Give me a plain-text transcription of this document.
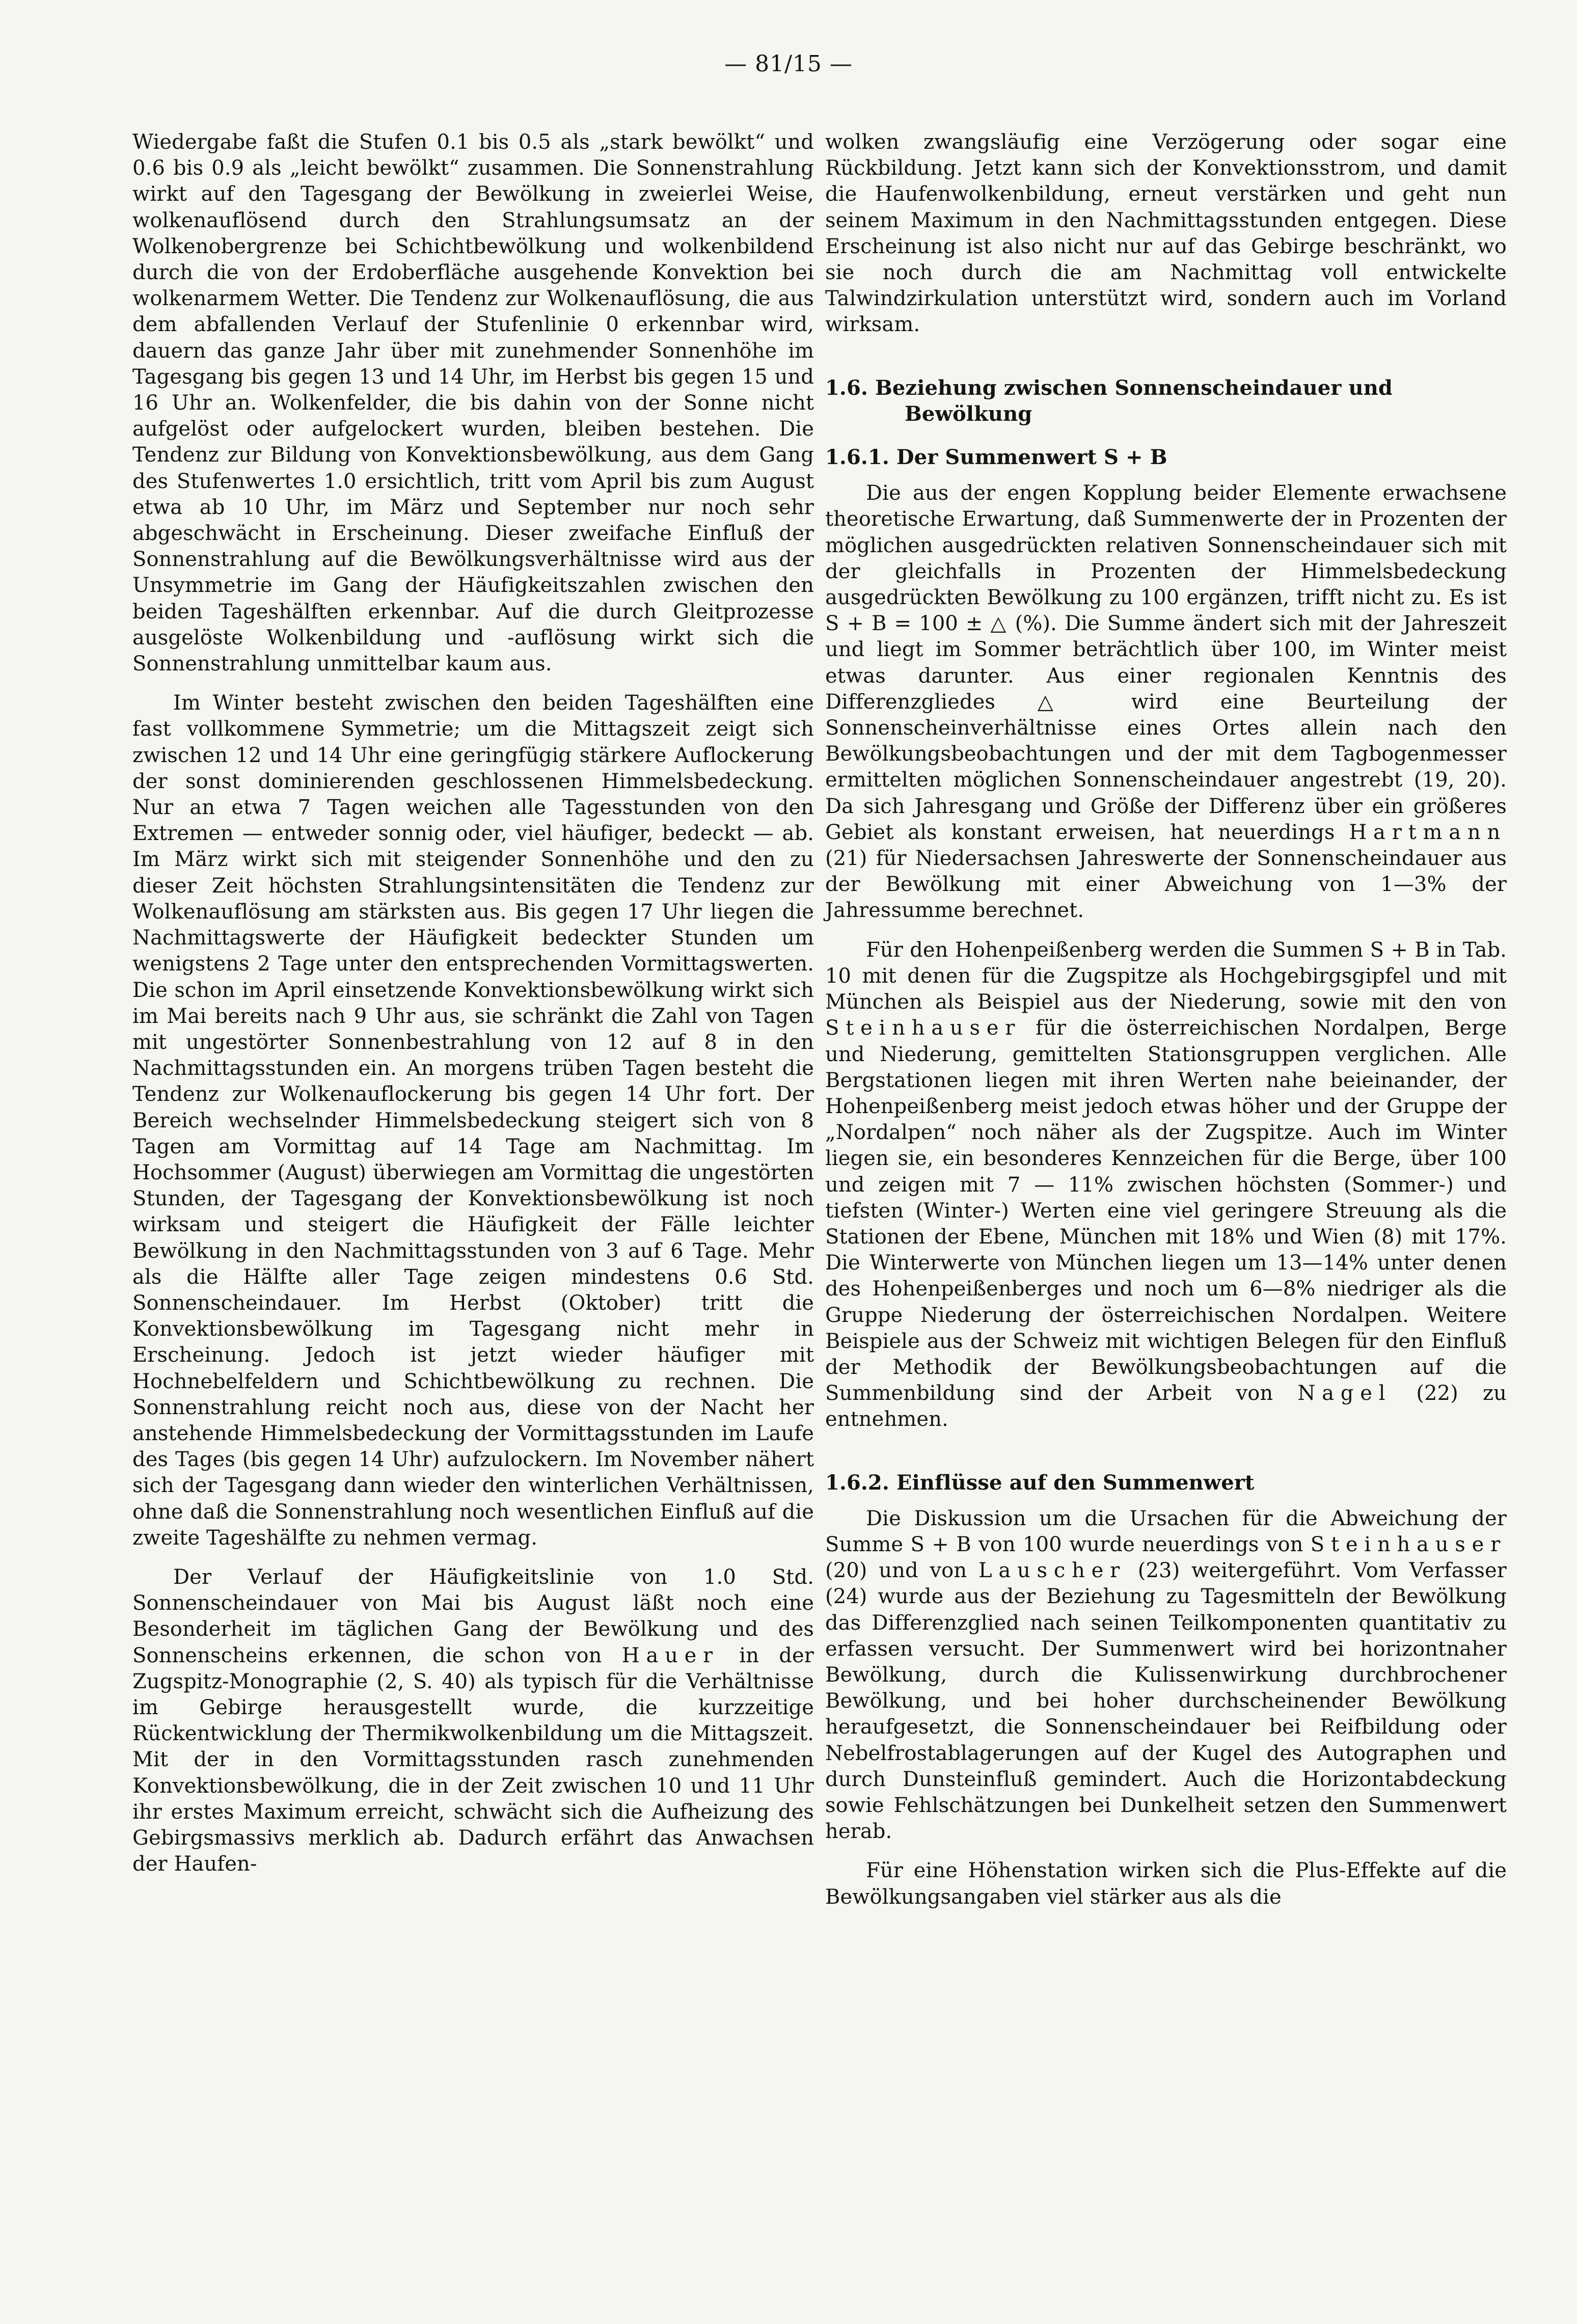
— 81/15 —

Wiedergabe faßt die Stufen 0.1 bis 0.5 als „stark bewölkt“ und 0.6 bis 0.9 als „leicht bewölkt“ zusammen. Die Sonnenstrahlung wirkt auf den Tagesgang der Bewölkung in zweierlei Weise, wolkenauflösend durch den Strahlungsumsatz an der Wolkenobergrenze bei Schichtbewölkung und wolkenbildend durch die von der Erdoberfläche ausgehende Konvektion bei wolkenarmem Wetter. Die Tendenz zur Wolkenauflösung, die aus dem abfallenden Verlauf der Stufenlinie 0 erkennbar wird, dauern das ganze Jahr über mit zunehmender Sonnenhöhe im Tagesgang bis gegen 13 und 14 Uhr, im Herbst bis gegen 15 und 16 Uhr an. Wolkenfelder, die bis dahin von der Sonne nicht aufgelöst oder aufgelockert wurden, bleiben bestehen. Die Tendenz zur Bildung von Konvektionsbewölkung, aus dem Gang des Stufenwertes 1.0 ersichtlich, tritt vom April bis zum August etwa ab 10 Uhr, im März und September nur noch sehr abgeschwächt in Erscheinung. Dieser zweifache Einfluß der Sonnenstrahlung auf die Bewölkungsverhältnisse wird aus der Unsymmetrie im Gang der Häufigkeitszahlen zwischen den beiden Tageshälften erkennbar. Auf die durch Gleitprozesse ausgelöste Wolkenbildung und -auflösung wirkt sich die Sonnenstrahlung unmittelbar kaum aus.

Im Winter besteht zwischen den beiden Tageshälften eine fast vollkommene Symmetrie; um die Mittagszeit zeigt sich zwischen 12 und 14 Uhr eine geringfügig stärkere Auflockerung der sonst dominierenden geschlossenen Himmelsbedeckung. Nur an etwa 7 Tagen weichen alle Tagesstunden von den Extremen — entweder sonnig oder, viel häufiger, bedeckt — ab. Im März wirkt sich mit steigender Sonnenhöhe und den zu dieser Zeit höchsten Strahlungsintensitäten die Tendenz zur Wolkenauflösung am stärksten aus. Bis gegen 17 Uhr liegen die Nachmittagswerte der Häufigkeit bedeckter Stunden um wenigstens 2 Tage unter den entsprechenden Vormittagswerten. Die schon im April einsetzende Konvektionsbewölkung wirkt sich im Mai bereits nach 9 Uhr aus, sie schränkt die Zahl von Tagen mit ungestörter Sonnenbestrahlung von 12 auf 8 in den Nachmittagsstunden ein. An morgens trüben Tagen besteht die Tendenz zur Wolkenauflockerung bis gegen 14 Uhr fort. Der Bereich wechselnder Himmelsbedeckung steigert sich von 8 Tagen am Vormittag auf 14 Tage am Nachmittag. Im Hochsommer (August) überwiegen am Vormittag die ungestörten Stunden, der Tagesgang der Konvektionsbewölkung ist noch wirksam und steigert die Häufigkeit der Fälle leichter Bewölkung in den Nachmittagsstunden von 3 auf 6 Tage. Mehr als die Hälfte aller Tage zeigen mindestens 0.6 Std. Sonnenscheindauer. Im Herbst (Oktober) tritt die Konvektionsbewölkung im Tagesgang nicht mehr in Erscheinung. Jedoch ist jetzt wieder häufiger mit Hochnebelfeldern und Schichtbewölkung zu rechnen. Die Sonnenstrahlung reicht noch aus, diese von der Nacht her anstehende Himmelsbedeckung der Vormittagsstunden im Laufe des Tages (bis gegen 14 Uhr) aufzulockern. Im November nähert sich der Tagesgang dann wieder den winterlichen Verhältnissen, ohne daß die Sonnenstrahlung noch wesentlichen Einfluß auf die zweite Tageshälfte zu nehmen vermag.

Der Verlauf der Häufigkeitslinie von 1.0 Std. Sonnenscheindauer von Mai bis August läßt noch eine Besonderheit im täglichen Gang der Bewölkung und des Sonnenscheins erkennen, die schon von Hauer in der Zugspitz-Monographie (2, S. 40) als typisch für die Verhältnisse im Gebirge herausgestellt wurde, die kurzzeitige Rückentwicklung der Thermikwolkenbildung um die Mittagszeit. Mit der in den Vormittagsstunden rasch zunehmenden Konvektionsbewölkung, die in der Zeit zwischen 10 und 11 Uhr ihr erstes Maximum erreicht, schwächt sich die Aufheizung des Gebirgsmassivs merklich ab. Dadurch erfährt das Anwachsen der Haufen-

wolken zwangsläufig eine Verzögerung oder sogar eine Rückbildung. Jetzt kann sich der Konvektionsstrom, und damit die Haufenwolkenbildung, erneut verstärken und geht nun seinem Maximum in den Nachmittagsstunden entgegen. Diese Erscheinung ist also nicht nur auf das Gebirge beschränkt, wo sie noch durch die am Nachmittag voll entwickelte Talwindzirkulation unterstützt wird, sondern auch im Vorland wirksam.

1.6. Beziehung zwischen Sonnenscheindauer und Bewölkung
1.6.1. Der Summenwert S + B

Die aus der engen Kopplung beider Elemente erwachsene theoretische Erwartung, daß Summenwerte der in Prozenten der möglichen ausgedrückten relativen Sonnenscheindauer sich mit der gleichfalls in Prozenten der Himmelsbedeckung ausgedrückten Bewölkung zu 100 ergänzen, trifft nicht zu. Es ist S + B = 100 ± △ (%). Die Summe ändert sich mit der Jahreszeit und liegt im Sommer beträchtlich über 100, im Winter meist etwas darunter. Aus einer regionalen Kenntnis des Differenzgliedes △ wird eine Beurteilung der Sonnenscheinverhältnisse eines Ortes allein nach den Bewölkungsbeobachtungen und der mit dem Tagbogenmesser ermittelten möglichen Sonnenscheindauer angestrebt (19, 20). Da sich Jahresgang und Größe der Differenz über ein größeres Gebiet als konstant erweisen, hat neuerdings Hartmann (21) für Niedersachsen Jahreswerte der Sonnenscheindauer aus der Bewölkung mit einer Abweichung von 1—3% der Jahressumme berechnet.

Für den Hohenpeißenberg werden die Summen S + B in Tab. 10 mit denen für die Zugspitze als Hochgebirgsgipfel und mit München als Beispiel aus der Niederung, sowie mit den von Steinhauser für die österreichischen Nordalpen, Berge und Niederung, gemittelten Stationsgruppen verglichen. Alle Bergstationen liegen mit ihren Werten nahe beieinander, der Hohenpeißenberg meist jedoch etwas höher und der Gruppe der „Nordalpen“ noch näher als der Zugspitze. Auch im Winter liegen sie, ein besonderes Kennzeichen für die Berge, über 100 und zeigen mit 7 — 11% zwischen höchsten (Sommer-) und tiefsten (Winter-) Werten eine viel geringere Streuung als die Stationen der Ebene, München mit 18% und Wien (8) mit 17%. Die Winterwerte von München liegen um 13—14% unter denen des Hohenpeißenberges und noch um 6—8% niedriger als die Gruppe Niederung der österreichischen Nordalpen. Weitere Beispiele aus der Schweiz mit wichtigen Belegen für den Einfluß der Methodik der Bewölkungsbeobachtungen auf die Summenbildung sind der Arbeit von Nagel (22) zu entnehmen.

1.6.2. Einflüsse auf den Summenwert

Die Diskussion um die Ursachen für die Abweichung der Summe S + B von 100 wurde neuerdings von Steinhauser (20) und von Lauscher (23) weitergeführt. Vom Verfasser (24) wurde aus der Beziehung zu Tagesmitteln der Bewölkung das Differenzglied nach seinen Teilkomponenten quantitativ zu erfassen versucht. Der Summenwert wird bei horizontnaher Bewölkung, durch die Kulissenwirkung durchbrochener Bewölkung, und bei hoher durchscheinender Bewölkung heraufgesetzt, die Sonnenscheindauer bei Reifbildung oder Nebelfrostablagerungen auf der Kugel des Autographen und durch Dunsteinfluß gemindert. Auch die Horizontabdeckung sowie Fehlschätzungen bei Dunkelheit setzen den Summenwert herab.

Für eine Höhenstation wirken sich die Plus-Effekte auf die Bewölkungsangaben viel stärker aus als die
